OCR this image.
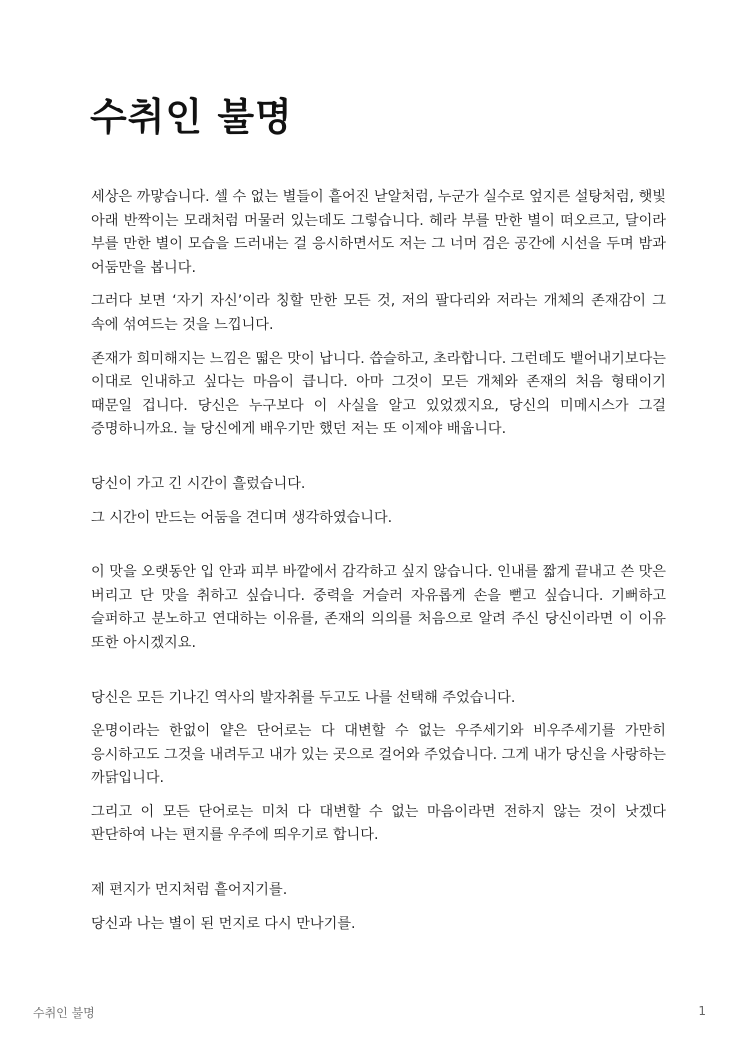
수취인 불명

세상은 까맣습니다. 셀 수 없는 별들이 흩어진 낟알처럼, 누군가 실수로 엎지른 설탕처럼, 햇빛 아래 반짝이는 모래처럼 머물러 있는데도 그렇습니다. 헤라 부를 만한 별이 떠오르고, 달이라 부를 만한 별이 모습을 드러내는 걸 응시하면서도 저는 그 너머 검은 공간에 시선을 두며 밤과 어둠만을 봅니다.

그러다 보면 ‘자기 자신’이라 칭할 만한 모든 것, 저의 팔다리와 저라는 개체의 존재감이 그 속에 섞여드는 것을 느낍니다.

존재가 희미해지는 느낌은 떫은 맛이 납니다. 씁슬하고, 초라합니다. 그런데도 뱉어내기보다는 이대로 인내하고 싶다는 마음이 큽니다. 아마 그것이 모든 개체와 존재의 처음 형태이기 때문일 겁니다. 당신은 누구보다 이 사실을 알고 있었겠지요, 당신의 미메시스가 그걸 증명하니까요. 늘 당신에게 배우기만 했던 저는 또 이제야 배웁니다.

당신이 가고 긴 시간이 흘렀습니다.

그 시간이 만드는 어둠을 견디며 생각하였습니다.

이 맛을 오랫동안 입 안과 피부 바깥에서 감각하고 싶지 않습니다. 인내를 짧게 끝내고 쓴 맛은 버리고 단 맛을 취하고 싶습니다. 중력을 거슬러 자유롭게 손을 뻗고 싶습니다. 기뻐하고 슬퍼하고 분노하고 연대하는 이유를, 존재의 의의를 처음으로 알려 주신 당신이라면 이 이유 또한 아시겠지요.

당신은 모든 기나긴 역사의 발자취를 두고도 나를 선택해 주었습니다.

운명이라는 한없이 얕은 단어로는 다 대변할 수 없는 우주세기와 비우주세기를 가만히 응시하고도 그것을 내려두고 내가 있는 곳으로 걸어와 주었습니다. 그게 내가 당신을 사랑하는 까닭입니다.

그리고 이 모든 단어로는 미처 다 대변할 수 없는 마음이라면 전하지 않는 것이 낫겠다 판단하여 나는 편지를 우주에 띄우기로 합니다.

제 편지가 먼지처럼 흩어지기를.

당신과 나는 별이 된 먼지로 다시 만나기를.

수취인 불명	1
